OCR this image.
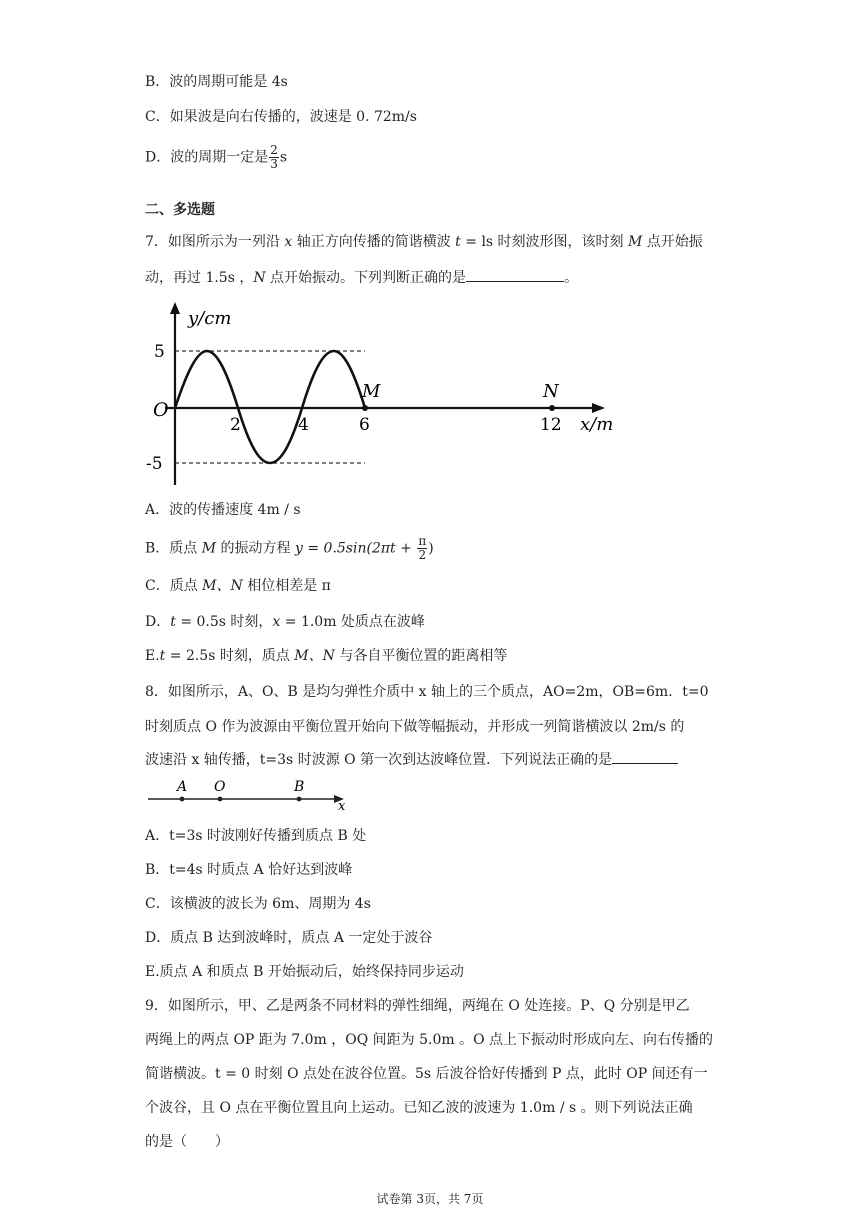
B．波的周期可能是 4s
C．如果波是向右传播的，波速是 0. 72m/s
D．波的周期一定是 $\frac{2}{3}$ s
二、多选题
7．如图所示为一列沿 x 轴正方向传播的简谐横波 t = ls 时刻波形图，该时刻 M 点开始振
动，再过 1.5s ，N 点开始振动。下列判断正确的是	。
y/cm
5
-5
O
2	4	6	12
M	N
x/m
A．波的传播速度 4m / s
B．质点 M 的振动方程 $y = 0.5\sin(2\pi t + \frac{\pi}{2}$ )
C．质点 M、N 相位相差是 π
D．t = 0.5s 时刻，x = 1.0m 处质点在波峰
E.t = 2.5s 时刻，质点 M、N 与各自平衡位置的距离相等
8．如图所示，A、O、B 是均匀弹性介质中 x 轴上的三个质点，AO=2m，OB=6m．t=0
时刻质点 O 作为波源由平衡位置开始向下做等幅振动，并形成一列简谐横波以 2m/s 的
波速沿 x 轴传播，t=3s 时波源 O 第一次到达波峰位置．下列说法正确的是
A O	B
x
A．t=3s 时波刚好传播到质点 B 处
B．t=4s 时质点 A 恰好达到波峰
C．该横波的波长为 6m、周期为 4s
D．质点 B 达到波峰时，质点 A 一定处于波谷
E.质点 A 和质点 B 开始振动后，始终保持同步运动
9．如图所示，甲、乙是两条不同材料的弹性细绳，两绳在 O 处连接。P、Q 分别是甲乙
两绳上的两点 OP 距为 7.0m ，OQ 间距为 5.0m 。O 点上下振动时形成向左、向右传播的
简谐横波。t = 0 时刻 O 点处在波谷位置。5s 后波谷恰好传播到 P 点，此时 OP 间还有一
个波谷，且 O 点在平衡位置且向上运动。已知乙波的波速为 1.0m / s 。则下列说法正确
的是（　　）
试卷第 3页，共 7页
